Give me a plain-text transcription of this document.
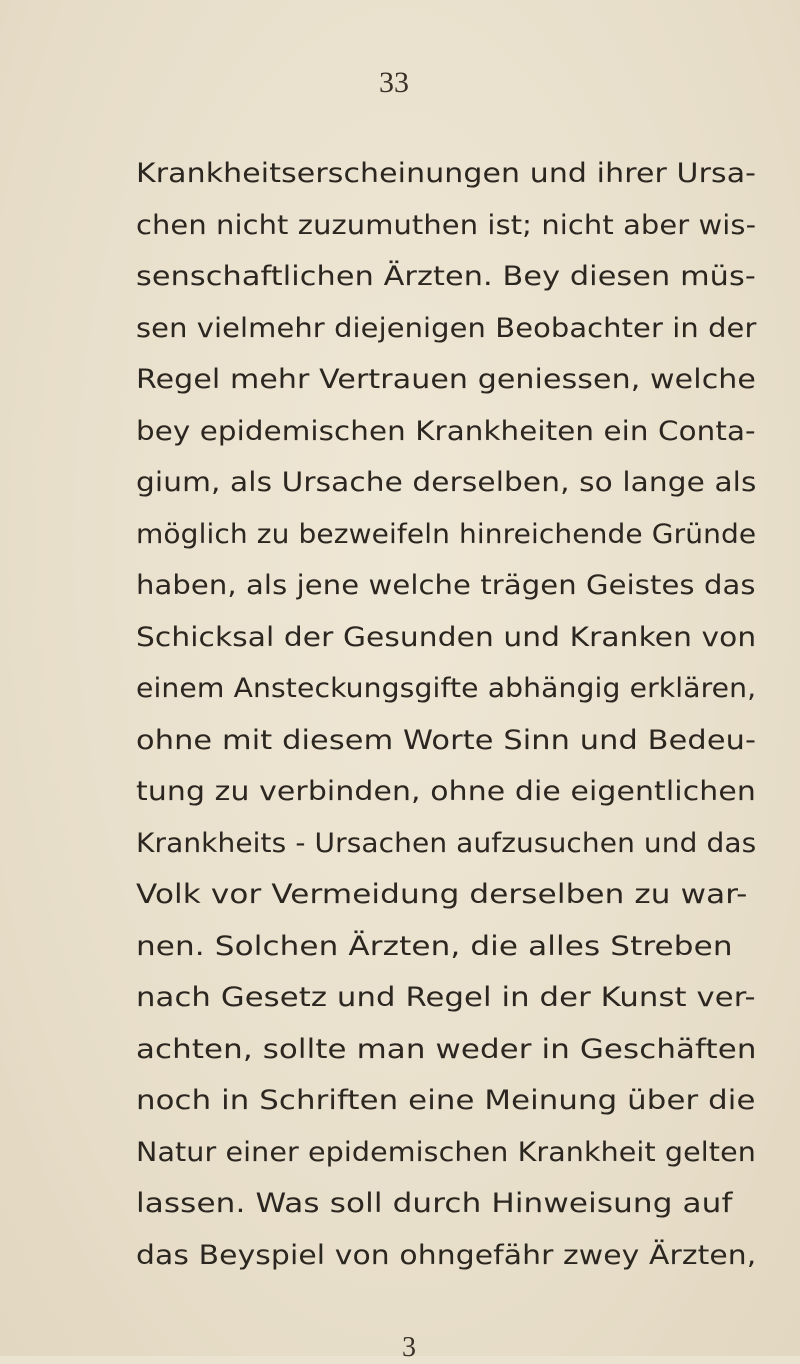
33
Krankheitserscheinungen und ihrer Ursa-
chen nicht zuzumuthen ist; nicht aber wis-
senschaftlichen Ärzten. Bey diesen müs-
sen vielmehr diejenigen Beobachter in der
Regel mehr Vertrauen geniessen, welche
bey epidemischen Krankheiten ein Conta-
gium, als Ursache derselben, so lange als
möglich zu bezweifeln hinreichende Gründe
haben, als jene welche trägen Geistes das
Schicksal der Gesunden und Kranken von
einem Ansteckungsgifte abhängig erklären,
ohne mit diesem Worte Sinn und Bedeu-
tung zu verbinden, ohne die eigentlichen
Krankheits - Ursachen aufzusuchen und das
Volk vor Vermeidung derselben zu war-
nen. Solchen Ärzten, die alles Streben
nach Gesetz und Regel in der Kunst ver-
achten, sollte man weder in Geschäften
noch in Schriften eine Meinung über die
Natur einer epidemischen Krankheit gelten
lassen. Was soll durch Hinweisung auf
das Beyspiel von ohngefähr zwey Ärzten,
3
